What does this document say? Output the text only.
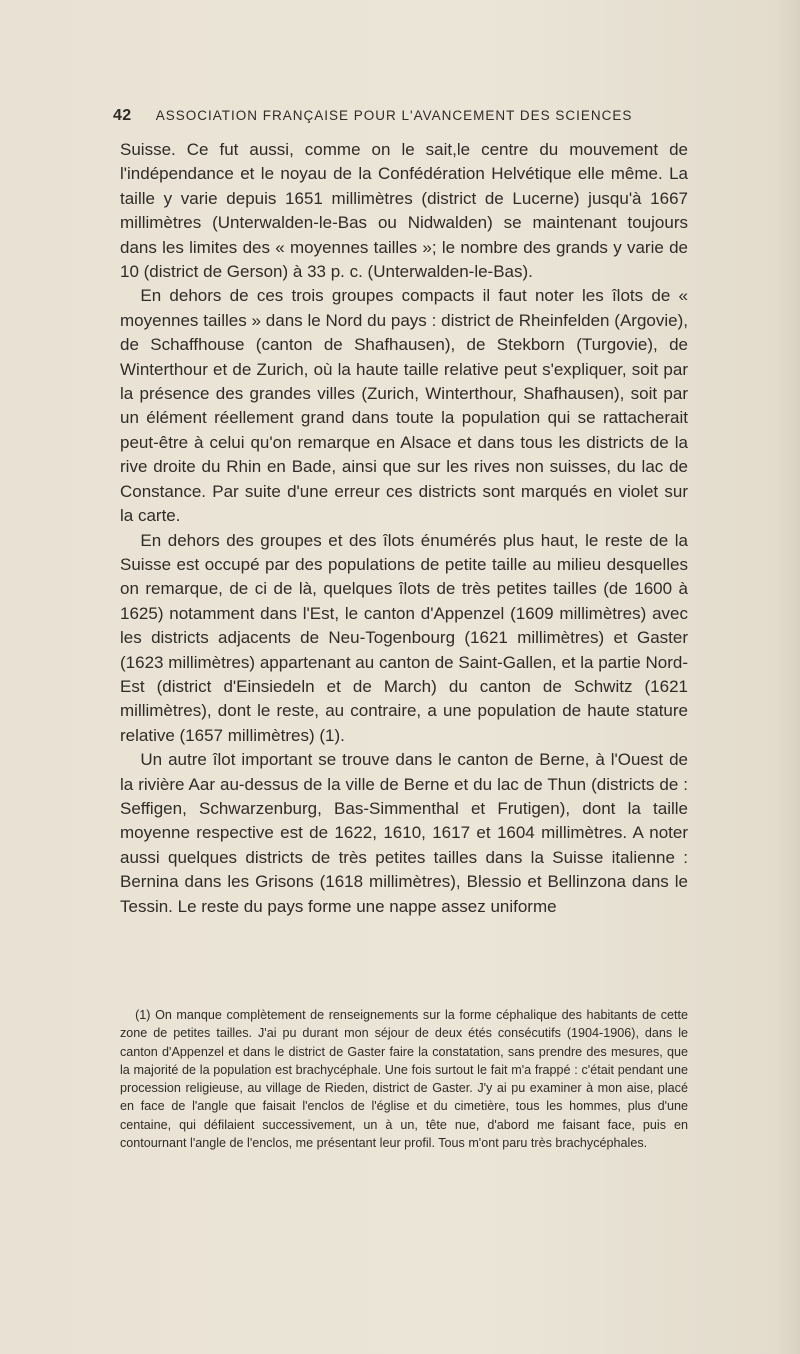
42 ASSOCIATION FRANÇAISE POUR L'AVANCEMENT DES SCIENCES

Suisse. Ce fut aussi, comme on le sait,le centre du mouvement de l'indépendance et le noyau de la Confédération Helvétique elle même. La taille y varie depuis 1651 millimètres (district de Lucerne) jusqu'à 1667 millimètres (Unterwalden-le-Bas ou Nidwalden) se maintenant toujours dans les limites des « moyennes tailles »; le nombre des grands y varie de 10 (district de Gerson) à 33 p. c. (Unterwalden-le-Bas).

En dehors de ces trois groupes compacts il faut noter les îlots de « moyennes tailles » dans le Nord du pays : district de Rheinfelden (Argovie), de Schaffhouse (canton de Shafhausen), de Stekborn (Turgovie), de Winterthour et de Zurich, où la haute taille relative peut s'expliquer, soit par la présence des grandes villes (Zurich, Winterthour, Shafhausen), soit par un élément réellement grand dans toute la population qui se rattacherait peut-être à celui qu'on remarque en Alsace et dans tous les districts de la rive droite du Rhin en Bade, ainsi que sur les rives non suisses, du lac de Constance. Par suite d'une erreur ces districts sont marqués en violet sur la carte.

En dehors des groupes et des îlots énumérés plus haut, le reste de la Suisse est occupé par des populations de petite taille au milieu desquelles on remarque, de ci de là, quelques îlots de très petites tailles (de 1600 à 1625) notamment dans l'Est, le canton d'Appenzel (1609 millimètres) avec les districts adjacents de Neu-Togenbourg (1621 millimètres) et Gaster (1623 millimètres) appartenant au canton de Saint-Gallen, et la partie Nord-Est (district d'Einsiedeln et de March) du canton de Schwitz (1621 millimètres), dont le reste, au contraire, a une population de haute stature relative (1657 millimètres) (1).

Un autre îlot important se trouve dans le canton de Berne, à l'Ouest de la rivière Aar au-dessus de la ville de Berne et du lac de Thun (districts de : Seffigen, Schwarzenburg, Bas-Simmenthal et Frutigen), dont la taille moyenne respective est de 1622, 1610, 1617 et 1604 millimètres. A noter aussi quelques districts de très petites tailles dans la Suisse italienne : Bernina dans les Grisons (1618 millimètres), Blessio et Bellinzona dans le Tessin. Le reste du pays forme une nappe assez uniforme

(1) On manque complètement de renseignements sur la forme céphalique des habitants de cette zone de petites tailles. J'ai pu durant mon séjour de deux étés consécutifs (1904-1906), dans le canton d'Appenzel et dans le district de Gaster faire la constatation, sans prendre des mesures, que la majorité de la population est brachycéphale. Une fois surtout le fait m'a frappé : c'était pendant une procession religieuse, au village de Rieden, district de Gaster. J'y ai pu examiner à mon aise, placé en face de l'angle que faisait l'enclos de l'église et du cimetière, tous les hommes, plus d'une centaine, qui défilaient successivement, un à un, tête nue, d'abord me faisant face, puis en contournant l'angle de l'enclos, me présentant leur profil. Tous m'ont paru très brachycéphales.
